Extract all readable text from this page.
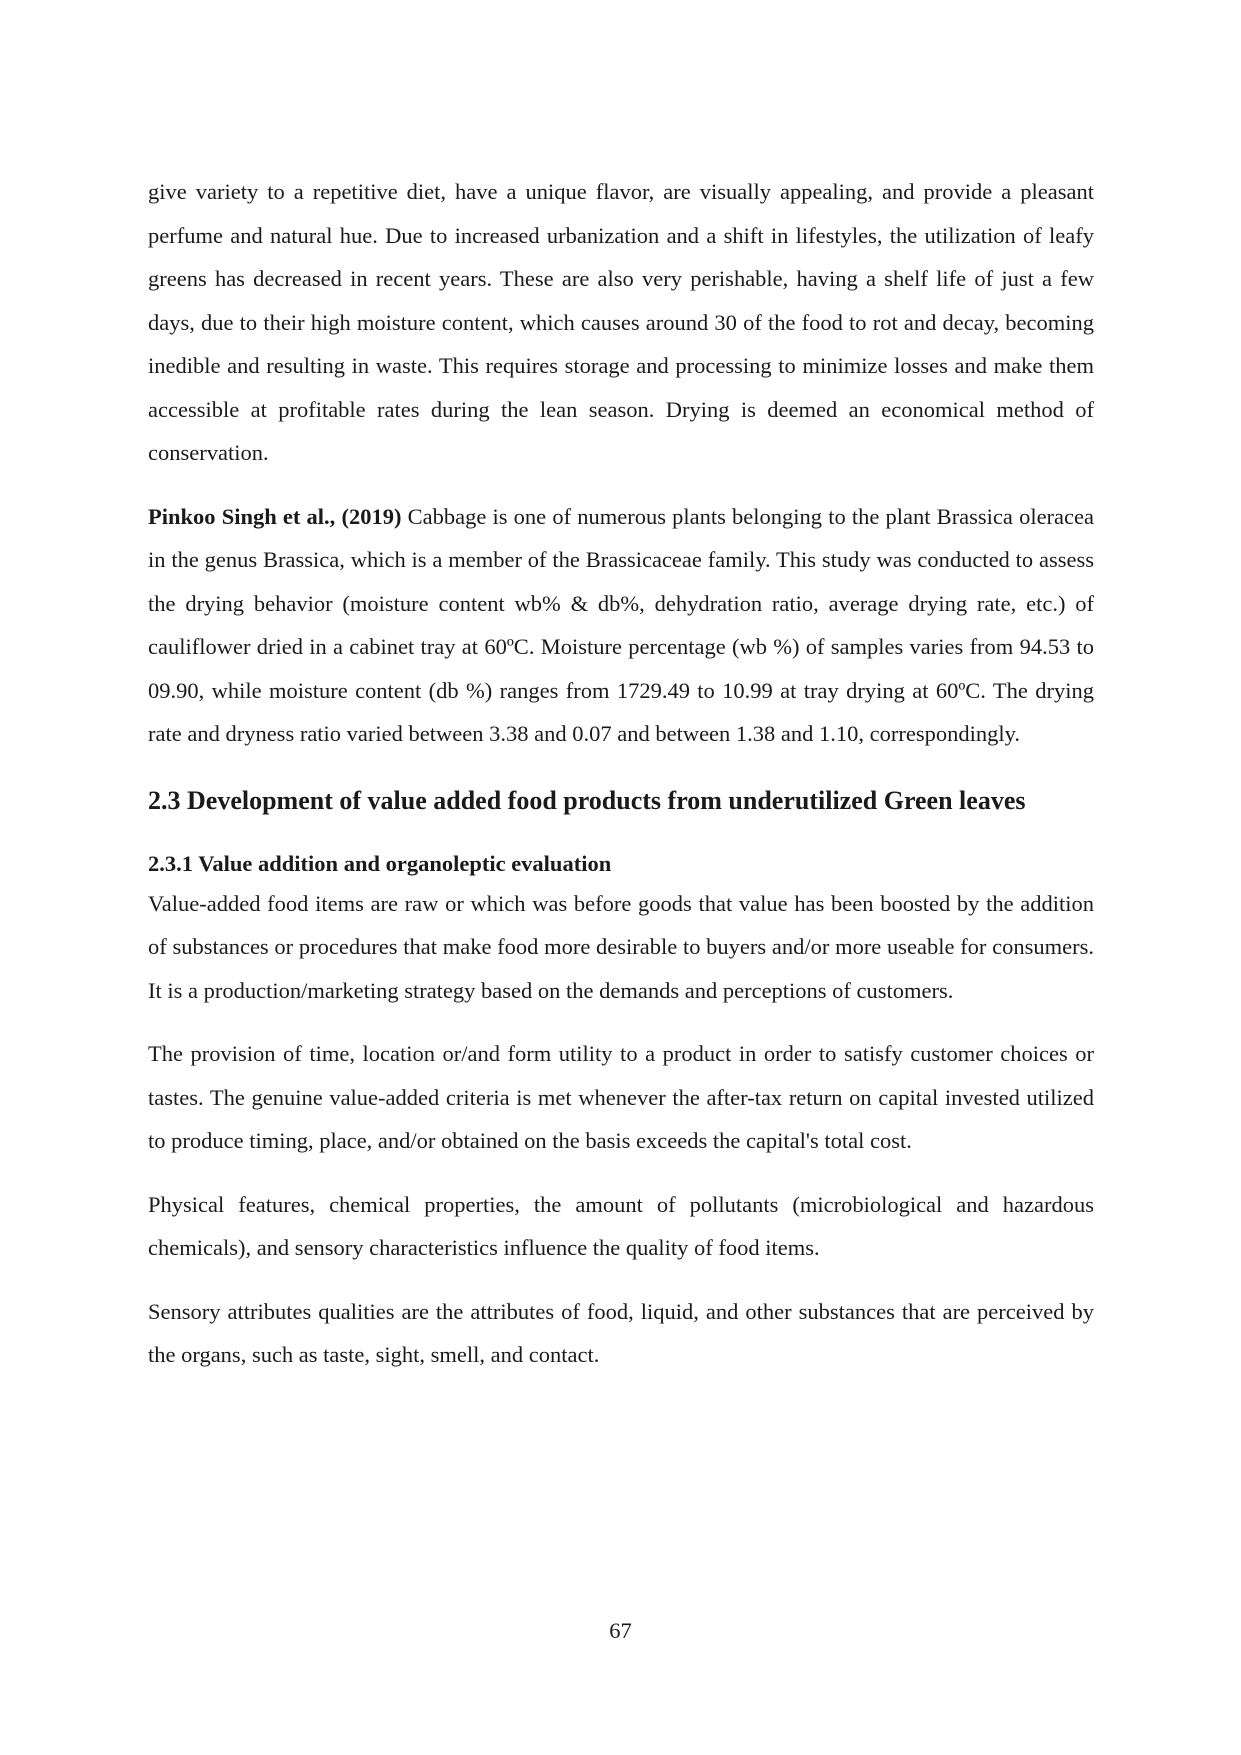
give variety to a repetitive diet, have a unique flavor, are visually appealing, and provide a pleasant perfume and natural hue. Due to increased urbanization and a shift in lifestyles, the utilization of leafy greens has decreased in recent years. These are also very perishable, having a shelf life of just a few days, due to their high moisture content, which causes around 30 of the food to rot and decay, becoming inedible and resulting in waste. This requires storage and processing to minimize losses and make them accessible at profitable rates during the lean season. Drying is deemed an economical method of conservation.

Pinkoo Singh et al., (2019) Cabbage is one of numerous plants belonging to the plant Brassica oleracea in the genus Brassica, which is a member of the Brassicaceae family. This study was conducted to assess the drying behavior (moisture content wb% & db%, dehydration ratio, average drying rate, etc.) of cauliflower dried in a cabinet tray at 60ºC. Moisture percentage (wb %) of samples varies from 94.53 to 09.90, while moisture content (db %) ranges from 1729.49 to 10.99 at tray drying at 60ºC. The drying rate and dryness ratio varied between 3.38 and 0.07 and between 1.38 and 1.10, correspondingly.

2.3 Development of value added food products from underutilized Green leaves
2.3.1 Value addition and organoleptic evaluation

Value-added food items are raw or which was before goods that value has been boosted by the addition of substances or procedures that make food more desirable to buyers and/or more useable for consumers. It is a production/marketing strategy based on the demands and perceptions of customers.

The provision of time, location or/and form utility to a product in order to satisfy customer choices or tastes. The genuine value-added criteria is met whenever the after-tax return on capital invested utilized to produce timing, place, and/or obtained on the basis exceeds the capital's total cost.

Physical features, chemical properties, the amount of pollutants (microbiological and hazardous chemicals), and sensory characteristics influence the quality of food items.

Sensory attributes qualities are the attributes of food, liquid, and other substances that are perceived by the organs, such as taste, sight, smell, and contact.

67
